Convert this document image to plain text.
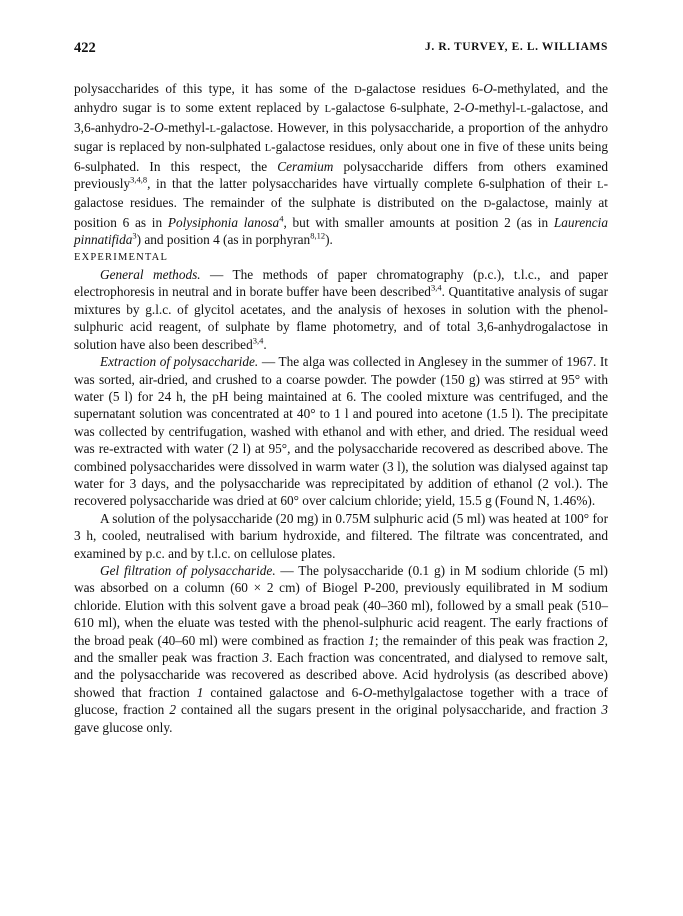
422	J. R. TURVEY, E. L. WILLIAMS

polysaccharides of this type, it has some of the D-galactose residues 6-O-methylated, and the anhydro sugar is to some extent replaced by L-galactose 6-sulphate, 2-O-methyl-L-galactose, and 3,6-anhydro-2-O-methyl-L-galactose. However, in this polysaccharide, a proportion of the anhydro sugar is replaced by non-sulphated L-galactose residues, only about one in five of these units being 6-sulphated. In this respect, the Ceramium polysaccharide differs from others examined previously$^{3,4,8}$, in that the latter polysaccharides have virtually complete 6-sulphation of their L-galactose residues. The remainder of the sulphate is distributed on the D-galactose, mainly at position 6 as in Polysiphonia lanosa$^4$, but with smaller amounts at position 2 (as in Laurencia pinnatifida$^3$) and position 4 (as in porphyran$^{8,12}$).

EXPERIMENTAL

General methods. — The methods of paper chromatography (p.c.), t.l.c., and paper electrophoresis in neutral and in borate buffer have been described$^{3,4}$. Quantitative analysis of sugar mixtures by g.l.c. of glycitol acetates, and the analysis of hexoses in solution with the phenol-sulphuric acid reagent, of sulphate by flame photometry, and of total 3,6-anhydrogalactose in solution have also been described$^{3,4}$.

Extraction of polysaccharide. — The alga was collected in Anglesey in the summer of 1967. It was sorted, air-dried, and crushed to a coarse powder. The powder (150 g) was stirred at 95° with water (5 l) for 24 h, the pH being maintained at 6. The cooled mixture was centrifuged, and the supernatant solution was concentrated at 40° to 1 l and poured into acetone (1.5 l). The precipitate was collected by centrifugation, washed with ethanol and with ether, and dried. The residual weed was re-extracted with water (2 l) at 95°, and the polysaccharide recovered as described above. The combined polysaccharides were dissolved in warm water (3 l), the solution was dialysed against tap water for 3 days, and the polysaccharide was reprecipitated by addition of ethanol (2 vol.). The recovered polysaccharide was dried at 60° over calcium chloride; yield, 15.5 g (Found N, 1.46%).

A solution of the polysaccharide (20 mg) in 0.75M sulphuric acid (5 ml) was heated at 100° for 3 h, cooled, neutralised with barium hydroxide, and filtered. The filtrate was concentrated, and examined by p.c. and by t.l.c. on cellulose plates.

Gel filtration of polysaccharide. — The polysaccharide (0.1 g) in M sodium chloride (5 ml) was absorbed on a column (60 × 2 cm) of Biogel P-200, previously equilibrated in M sodium chloride. Elution with this solvent gave a broad peak (40–360 ml), followed by a small peak (510–610 ml), when the eluate was tested with the phenol-sulphuric acid reagent. The early fractions of the broad peak (40–60 ml) were combined as fraction 1; the remainder of this peak was fraction 2, and the smaller peak was fraction 3. Each fraction was concentrated, and dialysed to remove salt, and the polysaccharide was recovered as described above. Acid hydrolysis (as described above) showed that fraction 1 contained galactose and 6-O-methylgalactose together with a trace of glucose, fraction 2 contained all the sugars present in the original polysaccharide, and fraction 3 gave glucose only.
